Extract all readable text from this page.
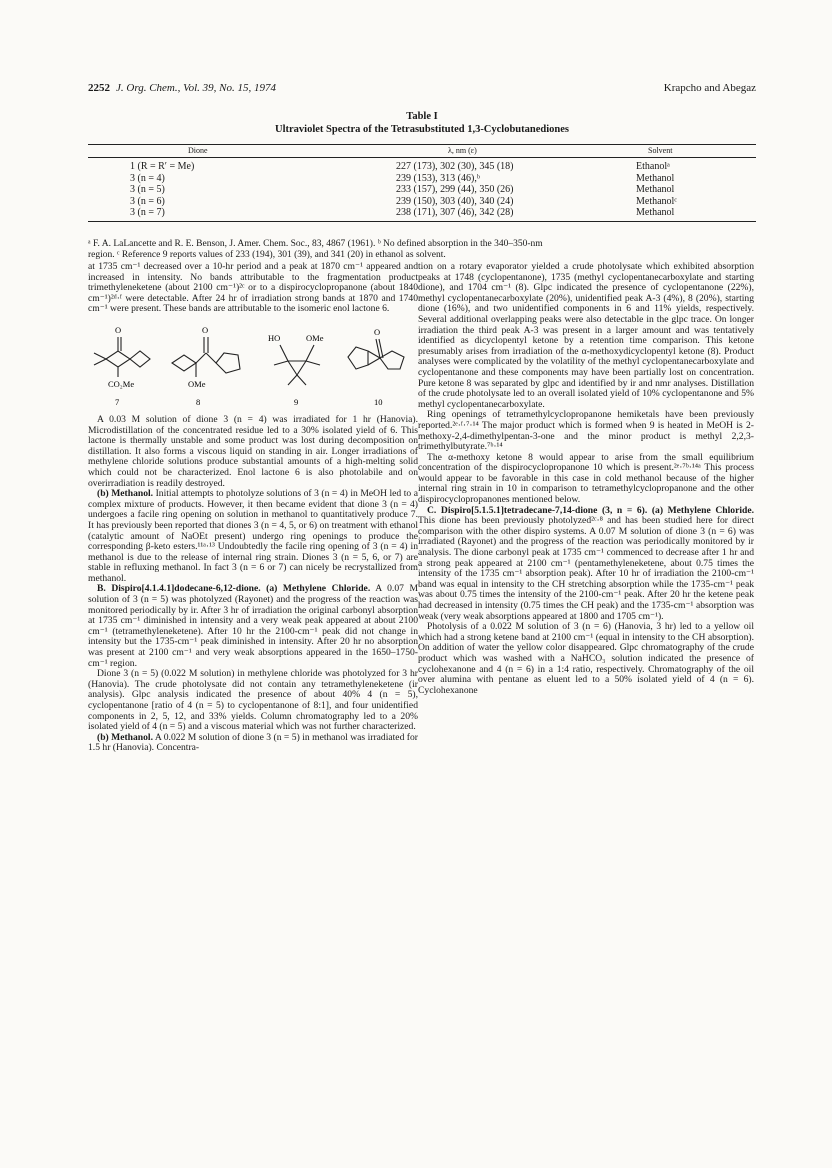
2252 J. Org. Chem., Vol. 39, No. 15, 1974	Krapcho and Abegaz
Table I
Ultraviolet Spectra of the Tetrasubstituted 1,3-Cyclobutanediones
Dione	λ, nm (ε)	Solvent
1 (R = R′ = Me)	227 (173), 302 (30), 345 (18)	Ethanolᵃ
3 (n = 4)	239 (153), 313 (46),ᵇ	Methanol
3 (n = 5)	233 (157), 299 (44), 350 (26)	Methanol
3 (n = 6)	239 (150), 303 (40), 340 (24)	Methanolᶜ
3 (n = 7)	238 (171), 307 (46), 342 (28)	Methanol
ᵃ F. A. LaLancette and R. E. Benson, J. Amer. Chem. Soc., 83, 4867 (1961). ᵇ No defined absorption in the 340–350-nm
region. ᶜ Reference 9 reports values of 233 (194), 301 (39), and 341 (20) in ethanol as solvent.

at 1735 cm⁻¹ decreased over a 10-hr period and a peak at 1870 cm⁻¹ appeared and increased in intensity. No bands attributable to the fragmentation product trimethyleneketene (about 2100 cm⁻¹)²ᶜ or to a dispirocyclopropanone (about 1840 cm⁻¹)²ᵈ·ᶠ were detectable. After 24 hr of irradiation strong bands at 1870 and 1740 cm⁻¹ were present. These bands are attributable to the isomeric enol lactone 6.

O
CO₂Me
7
O
OMe
8
HO	OMe
9
O
10

A 0.03 M solution of dione 3 (n = 4) was irradiated for 1 hr (Hanovia). Microdistillation of the concentrated residue led to a 30% isolated yield of 6. This lactone is thermally unstable and some product was lost during decomposition on distillation. It also forms a viscous liquid on standing in air. Longer irradiations of methylene chloride solutions produce substantial amounts of a high-melting solid which could not be characterized. Enol lactone 6 is also photolabile and on overirradiation is readily destroyed.

(b) Methanol. Initial attempts to photolyze solutions of 3 (n = 4) in MeOH led to a complex mixture of products. However, it then became evident that dione 3 (n = 4) undergoes a facile ring opening on solution in methanol to quantitatively produce 7. It has previously been reported that diones 3 (n = 4, 5, or 6) on treatment with ethanol (catalytic amount of NaOEt present) undergo ring openings to produce the corresponding β-keto esters.¹¹ᵃ·¹³ Undoubtedly the facile ring opening of 3 (n = 4) in methanol is due to the release of internal ring strain. Diones 3 (n = 5, 6, or 7) are stable in refluxing methanol. In fact 3 (n = 6 or 7) can nicely be recrystallized from methanol.

B. Dispiro[4.1.4.1]dodecane-6,12-dione. (a) Methylene Chloride. A 0.07 M solution of 3 (n = 5) was photolyzed (Rayonet) and the progress of the reaction was monitored periodically by ir. After 3 hr of irradiation the original carbonyl absorption at 1735 cm⁻¹ diminished in intensity and a very weak peak appeared at about 2100 cm⁻¹ (tetramethyleneketene). After 10 hr the 2100-cm⁻¹ peak did not change in intensity but the 1735-cm⁻¹ peak diminished in intensity. After 20 hr no absorption was present at 2100 cm⁻¹ and very weak absorptions appeared in the 1650–1750-cm⁻¹ region.

Dione 3 (n = 5) (0.022 M solution) in methylene chloride was photolyzed for 3 hr (Hanovia). The crude photolysate did not contain any tetramethyleneketene (ir analysis). Glpc analysis indicated the presence of about 40% 4 (n = 5), cyclopentanone [ratio of 4 (n = 5) to cyclopentanone of 8:1], and four unidentified components in 2, 5, 12, and 33% yields. Column chromatography led to a 20% isolated yield of 4 (n = 5) and a viscous material which was not further characterized.

(b) Methanol. A 0.022 M solution of dione 3 (n = 5) in methanol was irradiated for 1.5 hr (Hanovia). Concentra-

tion on a rotary evaporator yielded a crude photolysate which exhibited absorption peaks at 1748 (cyclopentanone), 1735 (methyl cyclopentanecarboxylate and starting dione), and 1704 cm⁻¹ (8). Glpc indicated the presence of cyclopentanone (22%), methyl cyclopentanecarboxylate (20%), unidentified peak A-3 (4%), 8 (20%), starting dione (16%), and two unidentified components in 6 and 11% yields, respectively. Several additional overlapping peaks were also detectable in the glpc trace. On longer irradiation the third peak A-3 was present in a larger amount and was tentatively identified as dicyclopentyl ketone by a retention time comparison. This ketone presumably arises from irradiation of the α-methoxydicyclopentyl ketone (8). Product analyses were complicated by the volatility of the methyl cyclopentanecarboxylate and cyclopentanone and these components may have been partially lost on concentration. Pure ketone 8 was separated by glpc and identified by ir and nmr analyses. Distillation of the crude photolysate led to an overall isolated yield of 10% cyclopentanone and 5% methyl cyclopentanecarboxylate.

Ring openings of tetramethylcyclopropanone hemiketals have been previously reported.²ᵉ·ᶠ·⁷·¹⁴ The major product which is formed when 9 is heated in MeOH is 2-methoxy-2,4-dimethylpentan-3-one and the minor product is methyl 2,2,3-trimethylbutyrate.⁷ᵇ·¹⁴

The α-methoxy ketone 8 would appear to arise from the small equilibrium concentration of the dispirocyclopropanone 10 which is present.²ᵉ·⁷ᵇ·¹⁴ᵃ This process would appear to be favorable in this case in cold methanol because of the higher internal ring strain in 10 in comparison to tetramethylcyclopropanone and the other dispirocyclopropanones mentioned below.

C. Dispiro[5.1.5.1]tetradecane-7,14-dione (3, n = 6). (a) Methylene Chloride. This dione has been previously photolyzed²ᶜ·⁸ and has been studied here for direct comparison with the other dispiro systems. A 0.07 M solution of dione 3 (n = 6) was irradiated (Rayonet) and the progress of the reaction was periodically monitored by ir analysis. The dione carbonyl peak at 1735 cm⁻¹ commenced to decrease after 1 hr and a strong peak appeared at 2100 cm⁻¹ (pentamethyleneketene, about 0.75 times the intensity of the 1735 cm⁻¹ absorption peak). After 10 hr of irradiation the 2100-cm⁻¹ band was equal in intensity to the CH stretching absorption while the 1735-cm⁻¹ peak was about 0.75 times the intensity of the 2100-cm⁻¹ peak. After 20 hr the ketene peak had decreased in intensity (0.75 times the CH peak) and the 1735-cm⁻¹ absorption was weak (very weak absorptions appeared at 1800 and 1705 cm⁻¹).

Photolysis of a 0.022 M solution of 3 (n = 6) (Hanovia, 3 hr) led to a yellow oil which had a strong ketene band at 2100 cm⁻¹ (equal in intensity to the CH absorption). On addition of water the yellow color disappeared. Glpc chromatography of the crude product which was washed with a NaHCO₃ solution indicated the presence of cyclohexanone and 4 (n = 6) in a 1:4 ratio, respectively. Chromatography of the oil over alumina with pentane as eluent led to a 50% isolated yield of 4 (n = 6). Cyclohexanone
